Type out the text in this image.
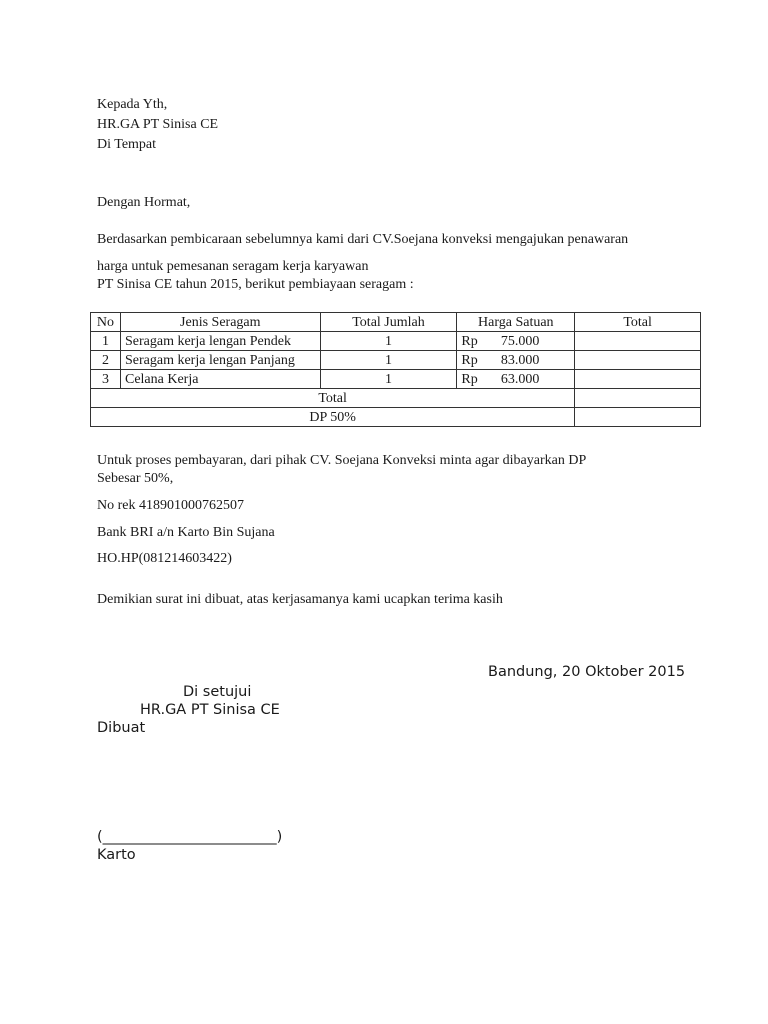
Kepada Yth,
HR.GA PT Sinisa CE
Di Tempat
Dengan Hormat,
Berdasarkan pembicaraan sebelumnya kami dari CV.Soejana konveksi mengajukan penawaran
harga untuk pemesanan seragam kerja karyawan
PT Sinisa CE tahun 2015, berikut pembiayaan seragam :
No	Jenis Seragam	Total Jumlah	Harga Satuan	Total
1	Seragam kerja lengan Pendek	1	Rp 75.000	
2	Seragam kerja lengan Panjang	1	Rp 83.000	
3	Celana Kerja	1	Rp 63.000	
Total				
DP 50%				
Untuk proses pembayaran, dari pihak CV. Soejana Konveksi minta agar dibayarkan DP
Sebesar 50%,
No rek 418901000762507
Bank BRI a/n Karto Bin Sujana
HO.HP(081214603422)
Demikian surat ini dibuat, atas kerjasamanya kami ucapkan terima kasih
Bandung, 20 Oktober 2015
Di setujui
HR.GA PT Sinisa CE
Dibuat
(________________________)
Karto
